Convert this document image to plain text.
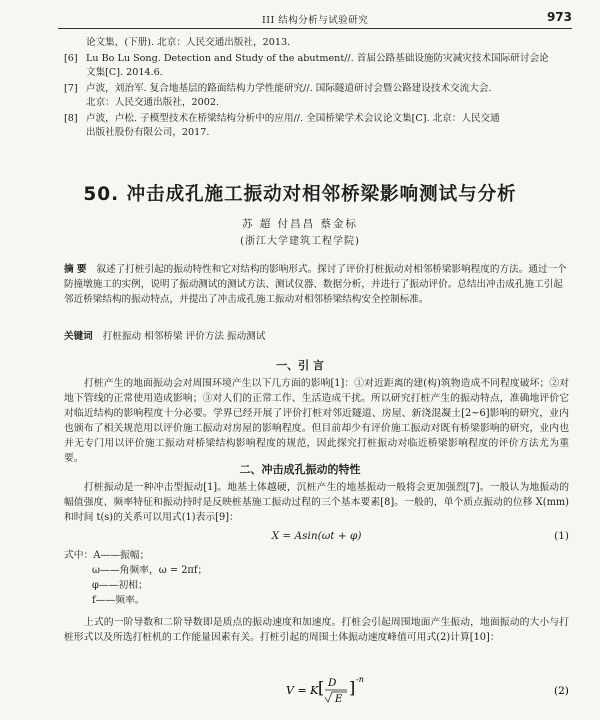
III 结构分析与试验研究	973
论文集，(下册). 北京：人民交通出版社，2013.
[6] Lu Bo Lu Song. Detection and Study of the abutment//. 首届公路基础设施防灾减灾技术国际研讨会论
文集[C]. 2014.6.
[7] 卢波，刘治军. 复合地基层的路面结构力学性能研究//. 国际隧道研讨会暨公路建设技术交流大会.
北京：人民交通出版社，2002.
[8] 卢波，卢松. 子模型技术在桥梁结构分析中的应用//. 全国桥梁学术会议论文集[C]. 北京：人民交通
出版社股份有限公司，2017.
50. 冲击成孔施工振动对相邻桥梁影响测试与分析
苏 超 付昌昌 蔡金标
(浙江大学建筑工程学院)
摘 要 叙述了打桩引起的振动特性和它对结构的影响形式。探讨了评价打桩振动对相邻桥梁影响程度的方法。通过一个防撞墩施工的实例，说明了振动测试的测试方法、测试仪器、数据分析，并进行了振动评价。总结出冲击成孔施工引起邻近桥梁结构的振动特点，并提出了冲击成孔施工振动对相邻桥梁结构安全控制标准。
关键词 打桩振动 相邻桥梁 评价方法 振动测试
一、引 言
打桩产生的地面振动会对周围环境产生以下几方面的影响[1]：①对近距离的建(构)筑物造成不同程度破坏；②对地下管线的正常使用造成影响；③对人们的正常工作、生活造成干扰。所以研究打桩产生的振动特点，准确地评价它对临近结构的影响程度十分必要。学界已经开展了评价打桩对邻近隧道、房屋、新浇混凝土[2~6]影响的研究，业内也颁布了相关规范用以评价施工振动对房屋的影响程度。但目前却少有评价施工振动对既有桥梁影响的研究，业内也并无专门用以评价施工振动对桥梁结构影响程度的规范，因此探究打桩振动对临近桥梁影响程度的评价方法尤为重要。
二、冲击成孔振动的特性
打桩振动是一种冲击型振动[1]。地基土体越硬，沉桩产生的地基振动一般将会更加强烈[7]。一般认为地振动的幅值强度、频率特征和振动持时是反映桩基施工振动过程的三个基本要素[8]。一般的，单个质点振动的位移 X(mm)和时间 t(s)的关系可以用式(1)表示[9]：
X = Asin(ωt + φ)	(1)
式中：A——振幅；
ω——角频率，ω = 2πf；
φ——初相；
f——频率。
上式的一阶导数和二阶导数即是质点的振动速度和加速度。打桩会引起周围地面产生振动，地面振动的大小与打桩形式以及所选打桩机的工作能量因素有关。打桩引起的周围土体振动速度峰值可用式(2)计算[10]：
V = K [ D
E
] -n
(2)
